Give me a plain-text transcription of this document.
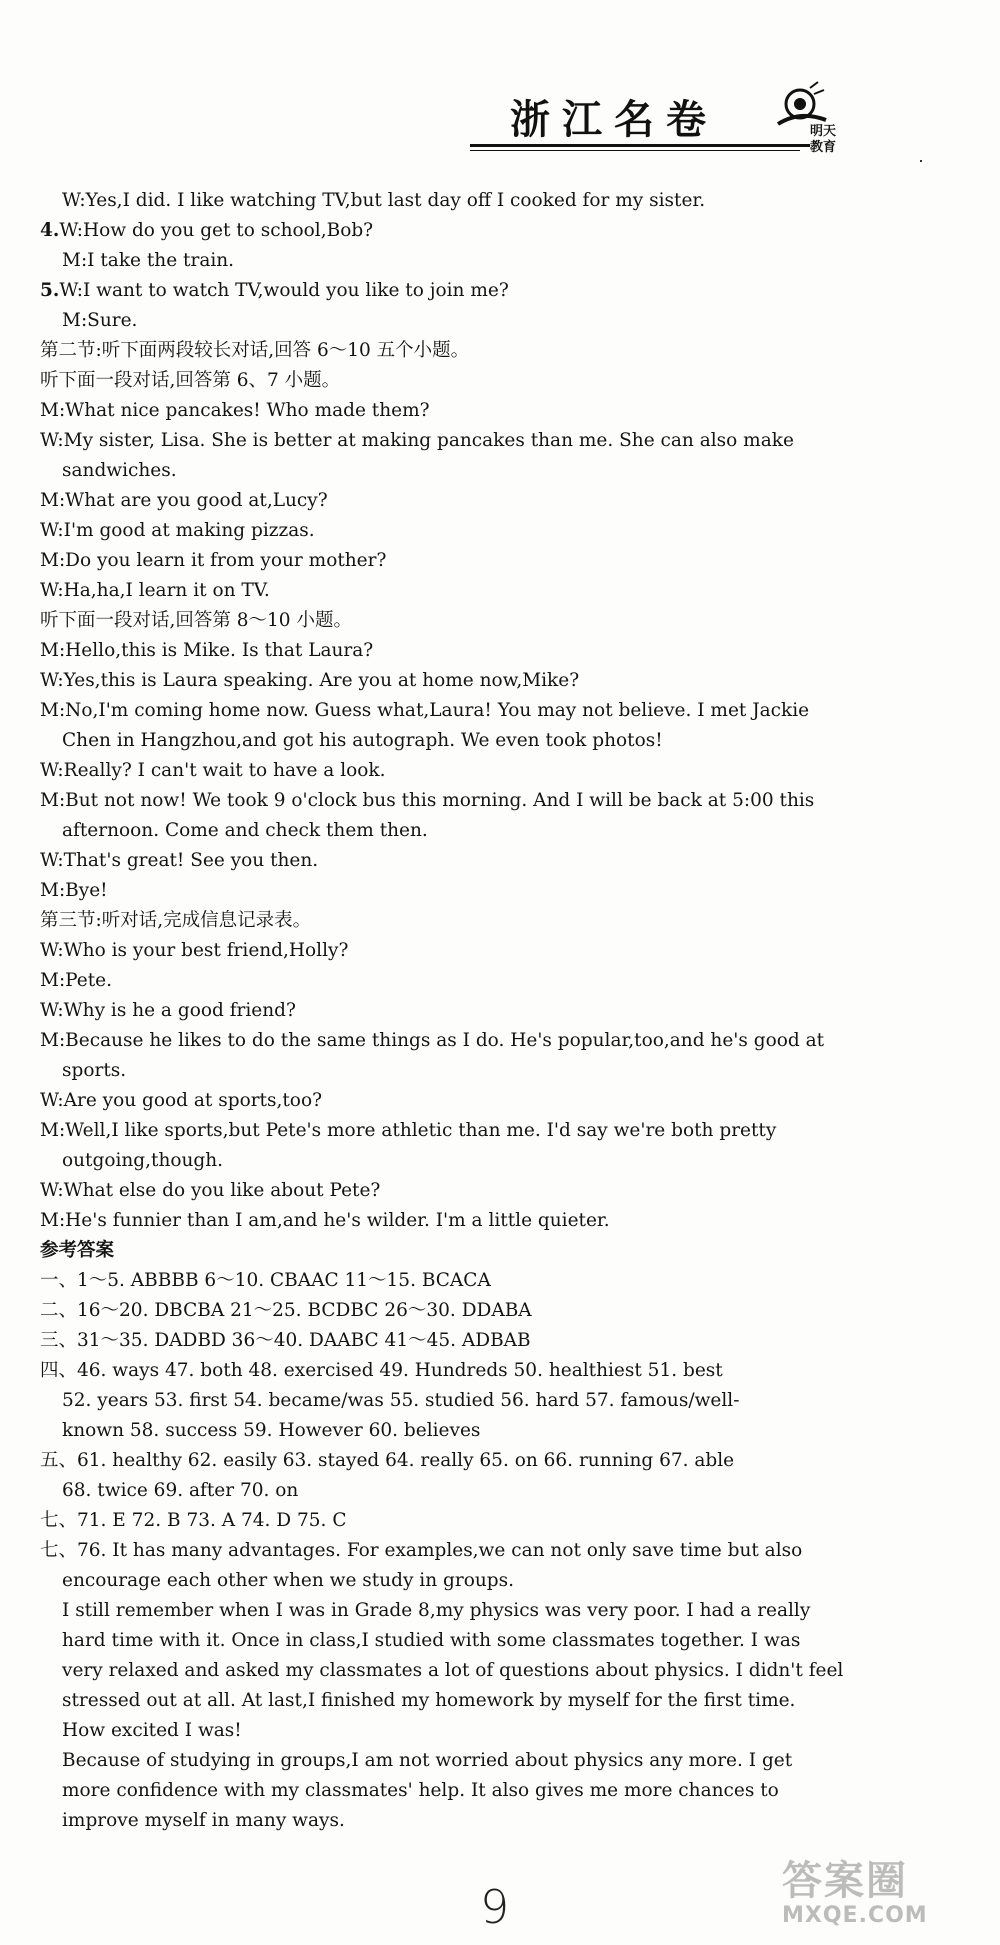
浙江名卷	明天
教育
W:Yes,I did. I like watching TV,but last day off I cooked for my sister.
4.W:How do you get to school,Bob?
M:I take the train.
5.W:I want to watch TV,would you like to join me?
M:Sure.
第二节:听下面两段较长对话,回答 6～10 五个小题。
听下面一段对话,回答第 6、7 小题。
M:What nice pancakes! Who made them?
W:My sister, Lisa. She is better at making pancakes than me. She can also make
sandwiches.
M:What are you good at,Lucy?
W:I'm good at making pizzas.
M:Do you learn it from your mother?
W:Ha,ha,I learn it on TV.
听下面一段对话,回答第 8～10 小题。
M:Hello,this is Mike. Is that Laura?
W:Yes,this is Laura speaking. Are you at home now,Mike?
M:No,I'm coming home now. Guess what,Laura! You may not believe. I met Jackie
Chen in Hangzhou,and got his autograph. We even took photos!
W:Really? I can't wait to have a look.
M:But not now! We took 9 o'clock bus this morning. And I will be back at 5:00 this
afternoon. Come and check them then.
W:That's great! See you then.
M:Bye!
第三节:听对话,完成信息记录表。
W:Who is your best friend,Holly?
M:Pete.
W:Why is he a good friend?
M:Because he likes to do the same things as I do. He's popular,too,and he's good at
sports.
W:Are you good at sports,too?
M:Well,I like sports,but Pete's more athletic than me. I'd say we're both pretty
outgoing,though.
W:What else do you like about Pete?
M:He's funnier than I am,and he's wilder. I'm a little quieter.
参考答案
一、1～5. ABBBB 6～10. CBAAC 11～15. BCACA
二、16～20. DBCBA 21～25. BCDBC 26～30. DDABA
三、31～35. DADBD 36～40. DAABC 41～45. ADBAB
四、46. ways 47. both 48. exercised 49. Hundreds 50. healthiest 51. best
52. years 53. first 54. became/was 55. studied 56. hard 57. famous/well-
known 58. success 59. However 60. believes
五、61. healthy 62. easily 63. stayed 64. really 65. on 66. running 67. able
68. twice 69. after 70. on
七、71. E 72. B 73. A 74. D 75. C
七、76. It has many advantages. For examples,we can not only save time but also
encourage each other when we study in groups.
I still remember when I was in Grade 8,my physics was very poor. I had a really
hard time with it. Once in class,I studied with some classmates together. I was
very relaxed and asked my classmates a lot of questions about physics. I didn't feel
stressed out at all. At last,I finished my homework by myself for the first time.
How excited I was!
Because of studying in groups,I am not worried about physics any more. I get
more confidence with my classmates' help. It also gives me more chances to
improve myself in many ways.
9	答案圈
MXQE.COM
